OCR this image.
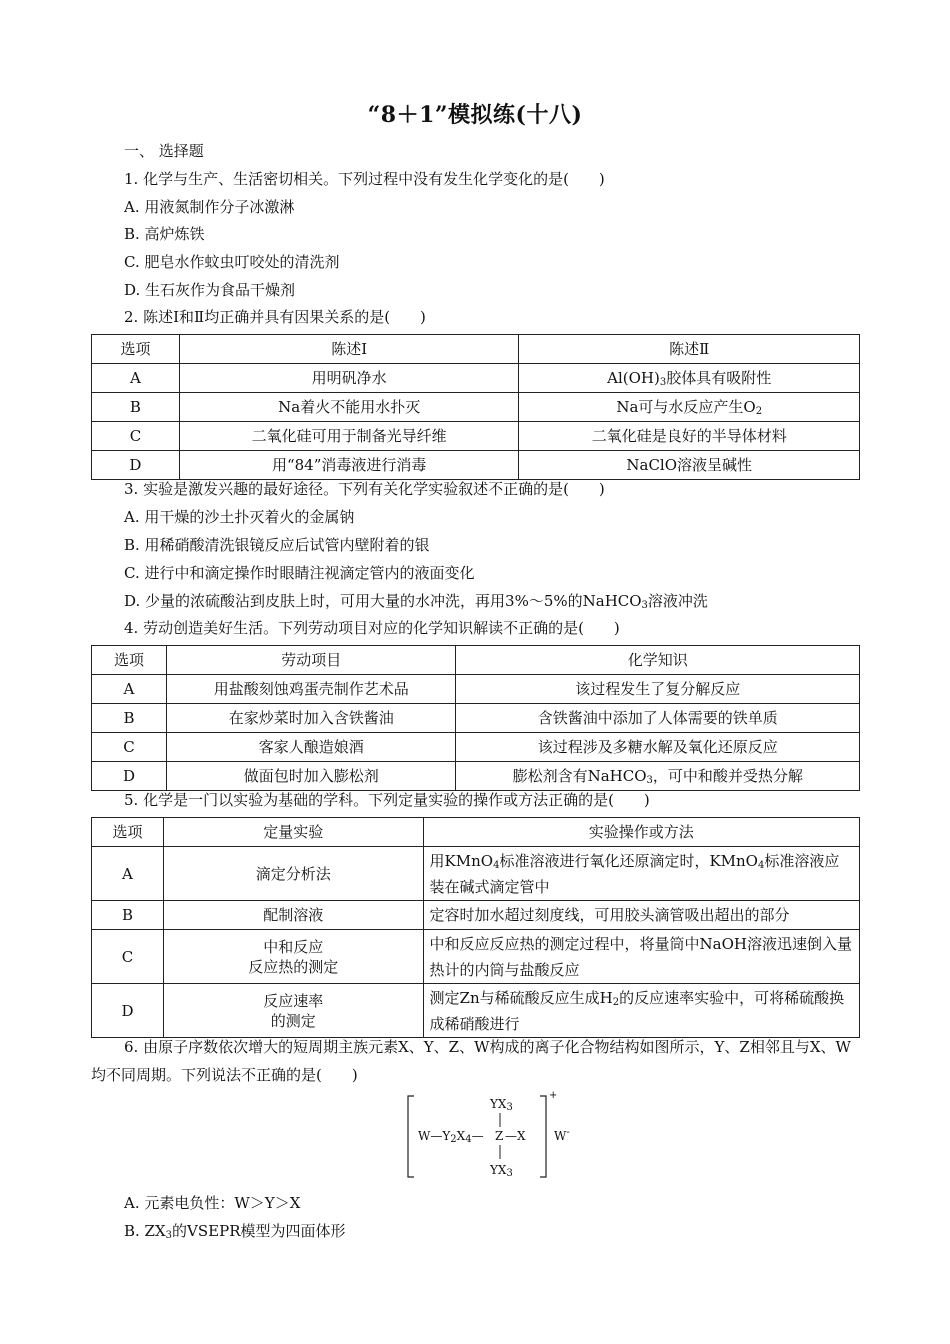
“8＋1”模拟练(十八)
一、 选择题
1. 化学与生产、生活密切相关。下列过程中没有发生化学变化的是(　　)
A. 用液氮制作分子冰激淋
B. 高炉炼铁
C. 肥皂水作蚊虫叮咬处的清洗剂
D. 生石灰作为食品干燥剂
2. 陈述Ⅰ和Ⅱ均正确并具有因果关系的是(　　)
选项	陈述Ⅰ	陈述Ⅱ
A	用明矾净水	$Al(OH)_3$胶体具有吸附性
B	Na着火不能用水扑灭	Na可与水反应产生$O_2$
C	二氧化硅可用于制备光导纤维	二氧化硅是良好的半导体材料
D	用“84”消毒液进行消毒	NaClO溶液呈碱性
3. 实验是激发兴趣的最好途径。下列有关化学实验叙述不正确的是(　　)
A. 用干燥的沙土扑灭着火的金属钠
B. 用稀硝酸清洗银镜反应后试管内壁附着的银
C. 进行中和滴定操作时眼睛注视滴定管内的液面变化
D. 少量的浓硫酸沾到皮肤上时，可用大量的水冲洗，再用3%～5%的NaHCO$_3$溶液冲洗
4. 劳动创造美好生活。下列劳动项目对应的化学知识解读不正确的是(　　)
选项	劳动项目	化学知识
A	用盐酸刻蚀鸡蛋壳制作艺术品	该过程发生了复分解反应
B	在家炒菜时加入含铁酱油	含铁酱油中添加了人体需要的铁单质
C	客家人酿造娘酒	该过程涉及多糖水解及氧化还原反应
D	做面包时加入膨松剂	膨松剂含有NaHCO$_3$，可中和酸并受热分解
5. 化学是一门以实验为基础的学科。下列定量实验的操作或方法正确的是(　　)
选项	定量实验	实验操作或方法
A	滴定分析法	用KMnO$_4$标准溶液进行氧化还原滴定时，KMnO$_4$标准溶液应装在碱式滴定管中
B	配制溶液	定容时加水超过刻度线，可用胶头滴管吸出超出的部分
C	中和反应
反应热的测定	中和反应反应热的测定过程中，将量筒中NaOH溶液迅速倒入量热计的内筒与盐酸反应
D	反应速率
的测定	测定Zn与稀硫酸反应生成$H_2$的反应速率实验中，可将稀硫酸换成稀硝酸进行
6. 由原子序数依次增大的短周期主族元素X、Y、Z、W构成的离子化合物结构如图所示，Y、Z相邻且与X、W均不同周期。下列说法不正确的是(　　)
$YX_3$
$W—Y_2X_4—$ Z —X
$YX_3$
+
W-
A. 元素电负性：W＞Y＞X
B. $ZX_3$的VSEPR模型为四面体形
